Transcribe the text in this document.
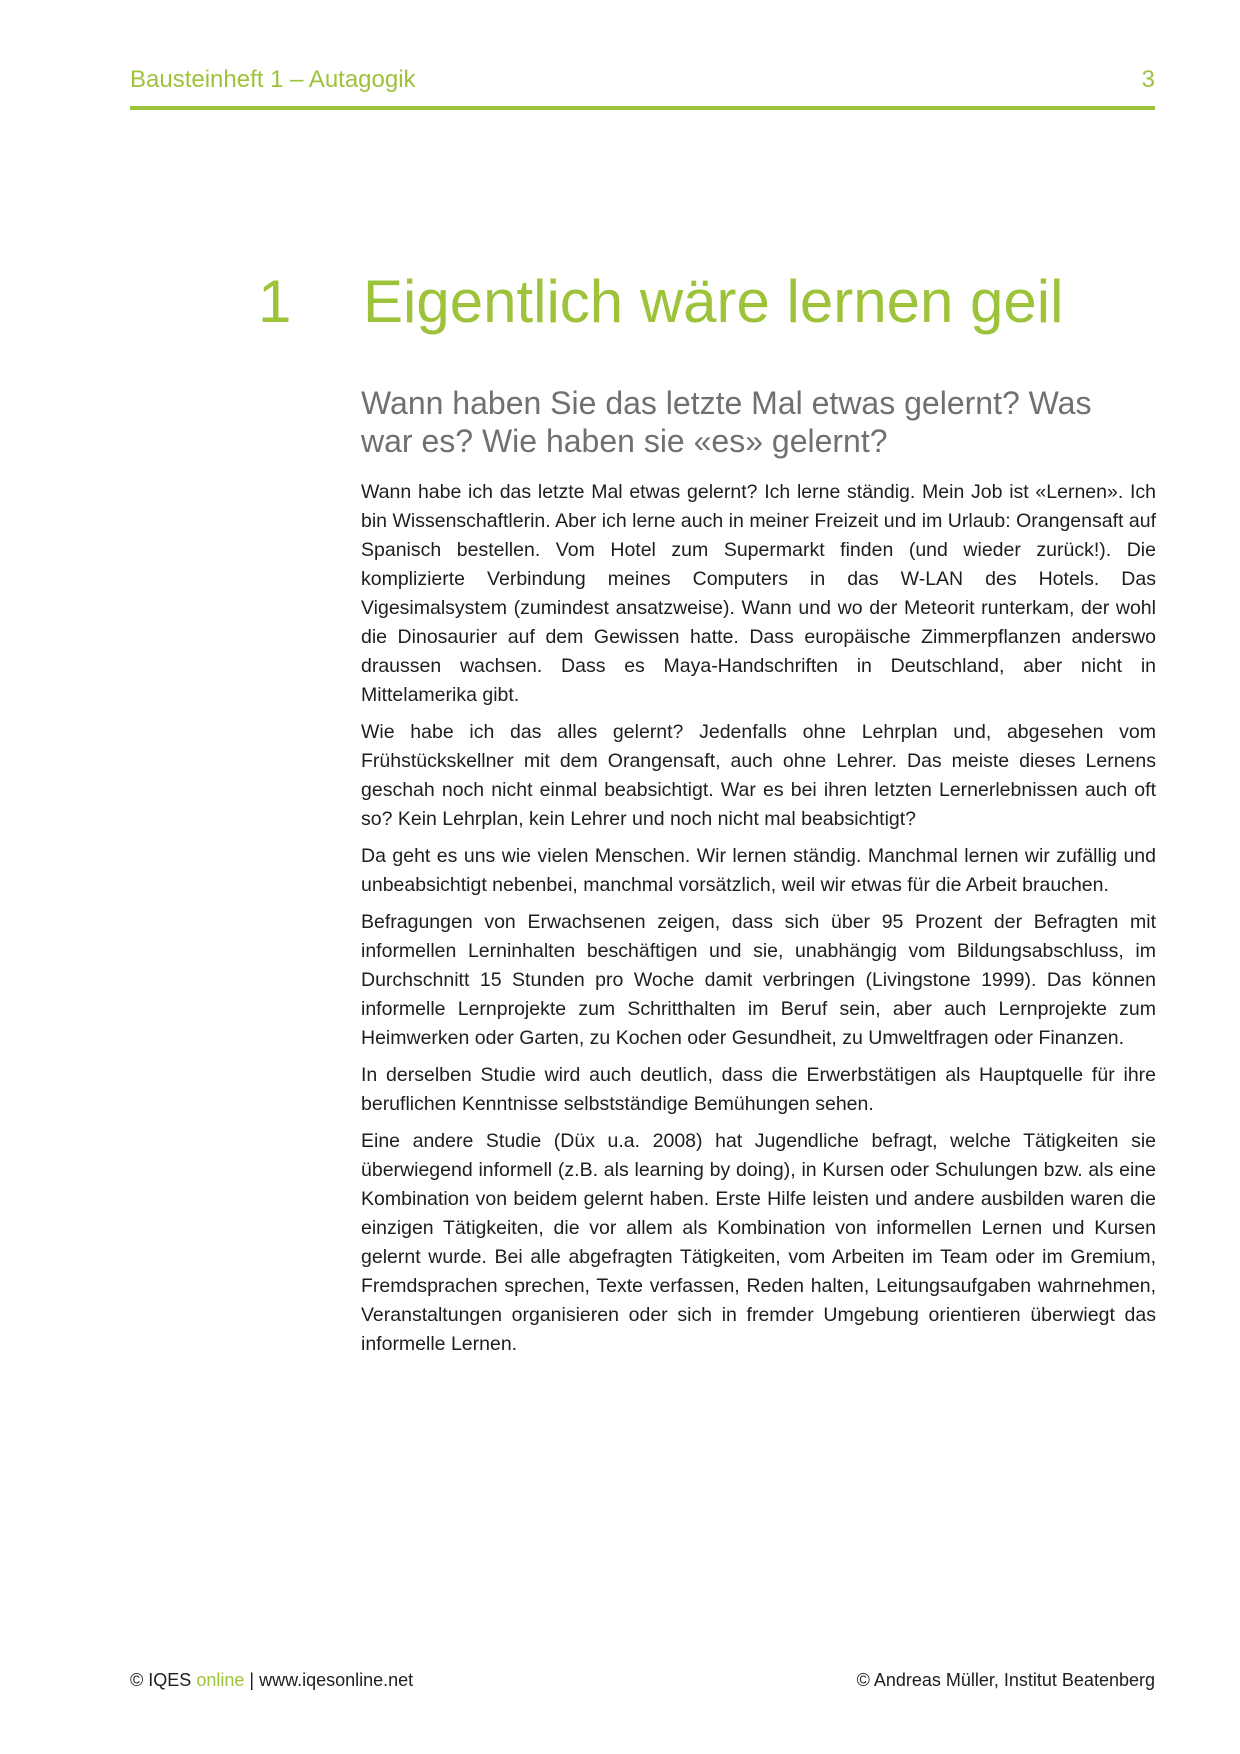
Bausteinheft 1 – Autagogik	3
1 Eigentlich wäre lernen geil
Wann haben Sie das letzte Mal etwas gelernt? Was war es? Wie haben sie «es» gelernt?

Wann habe ich das letzte Mal etwas gelernt? Ich lerne ständig. Mein Job ist «Lernen». Ich bin Wissenschaftlerin. Aber ich lerne auch in meiner Freizeit und im Urlaub: Orangensaft auf Spanisch bestellen. Vom Hotel zum Supermarkt finden (und wieder zurück!). Die komplizierte Verbindung meines Computers in das W-LAN des Hotels. Das Vigesimalsystem (zumindest ansatzweise). Wann und wo der Meteorit runterkam, der wohl die Dinosaurier auf dem Gewissen hatte. Dass europäische Zimmerpflanzen anderswo draussen wachsen. Dass es Maya-Handschriften in Deutschland, aber nicht in Mittelamerika gibt.

Wie habe ich das alles gelernt? Jedenfalls ohne Lehrplan und, abgesehen vom Frühstückskellner mit dem Orangensaft, auch ohne Lehrer. Das meiste dieses Lernens geschah noch nicht einmal beabsichtigt. War es bei ihren letzten Lernerlebnissen auch oft so? Kein Lehrplan, kein Lehrer und noch nicht mal beabsichtigt?

Da geht es uns wie vielen Menschen. Wir lernen ständig. Manchmal lernen wir zufällig und unbeabsichtigt nebenbei, manchmal vorsätzlich, weil wir etwas für die Arbeit brauchen.

Befragungen von Erwachsenen zeigen, dass sich über 95 Prozent der Befragten mit informellen Lerninhalten beschäftigen und sie, unabhängig vom Bildungsabschluss, im Durchschnitt 15 Stunden pro Woche damit verbringen (Livingstone 1999). Das können informelle Lernprojekte zum Schritthalten im Beruf sein, aber auch Lernprojekte zum Heimwerken oder Garten, zu Kochen oder Gesundheit, zu Umweltfragen oder Finanzen.

In derselben Studie wird auch deutlich, dass die Erwerbstätigen als Hauptquelle für ihre beruflichen Kenntnisse selbstständige Bemühungen sehen.

Eine andere Studie (Düx u.a. 2008) hat Jugendliche befragt, welche Tätigkeiten sie überwiegend informell (z.B. als learning by doing), in Kursen oder Schulungen bzw. als eine Kombination von beidem gelernt haben. Erste Hilfe leisten und andere ausbilden waren die einzigen Tätigkeiten, die vor allem als Kombination von informellen Lernen und Kursen gelernt wurde. Bei alle abgefragten Tätigkeiten, vom Arbeiten im Team oder im Gremium, Fremdsprachen sprechen, Texte verfassen, Reden halten, Leitungsaufgaben wahrnehmen, Veranstaltungen organisieren oder sich in fremder Umgebung orientieren überwiegt das informelle Lernen.

© IQES online | www.iqesonline.net	© Andreas Müller, Institut Beatenberg
